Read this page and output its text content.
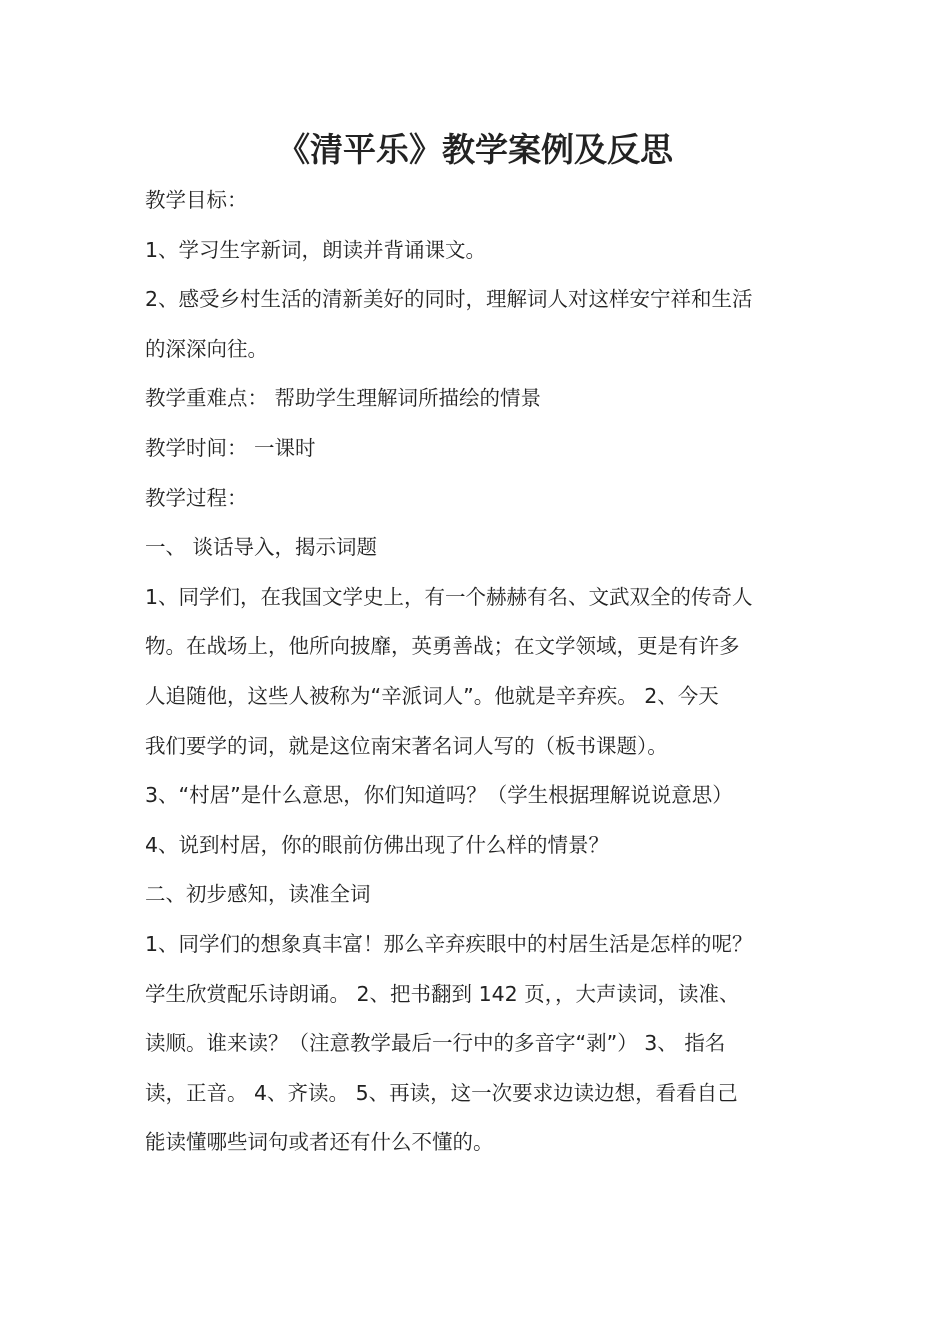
《清平乐》教学案例及反思

教学目标：

1、学习生字新词，朗读并背诵课文。

2、感受乡村生活的清新美好的同时，理解词人对这样安宁祥和生活

的深深向往。

教学重难点： 帮助学生理解词所描绘的情景

教学时间： 一课时

教学过程：

一、 谈话导入，揭示词题

1、同学们，在我国文学史上，有一个赫赫有名、文武双全的传奇人

物。在战场上，他所向披靡，英勇善战；在文学领域，更是有许多

人追随他，这些人被称为“辛派词人”。他就是辛弃疾。 2、今天

我们要学的词，就是这位南宋著名词人写的（板书课题）。

3、“村居”是什么意思，你们知道吗？（学生根据理解说说意思）

4、说到村居，你的眼前仿佛出现了什么样的情景？

二、初步感知，读准全词

1、同学们的想象真丰富！那么辛弃疾眼中的村居生活是怎样的呢？

学生欣赏配乐诗朗诵。 2、把书翻到 142 页，，大声读词，读准、

读顺。谁来读？（注意教学最后一行中的多音字“剥”） 3、 指名

读，正音。 4、齐读。 5、再读，这一次要求边读边想，看看自己

能读懂哪些词句或者还有什么不懂的。
